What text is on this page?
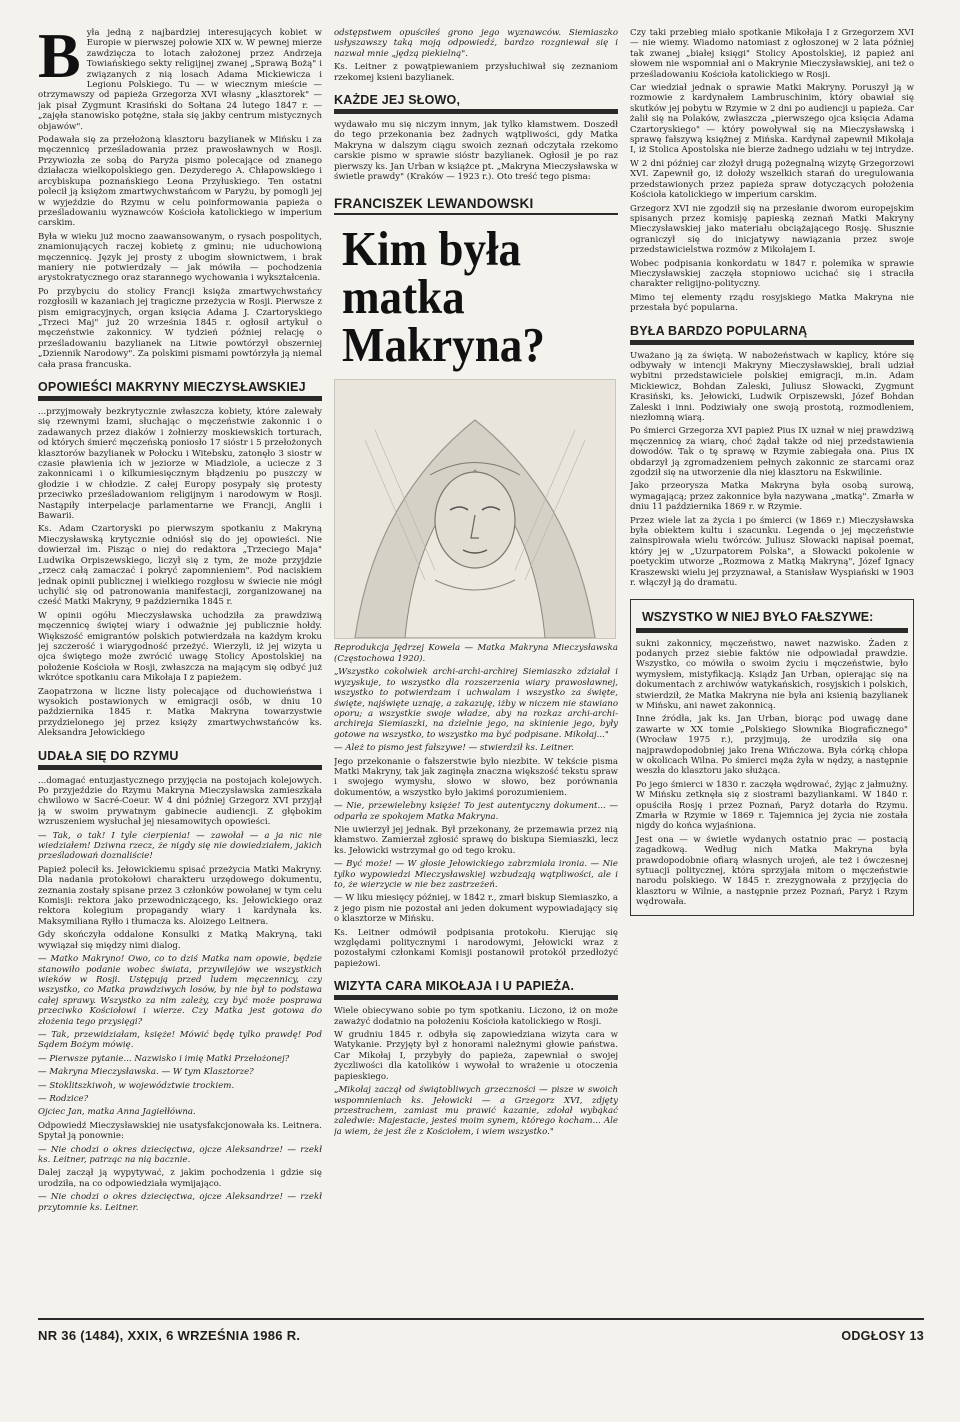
Była jedną z najbardziej interesujących kobiet w Europie w pierwszej połowie XIX w. W pewnej mierze zawdzięcza to lotach założonej przez Andrzeja Towiańskiego sekty religijnej zwanej „Sprawą Bożą" i związanych z nią losach Adama Mickiewicza i Legionu Polskiego. Tu — w wiecznym mieście — otrzymawszy od papieża Grzegorza XVI własny „klasztorek" — jak pisał Zygmunt Krasiński do Sołtana 24 lutego 1847 r. — „zajęła stanowisko potężne, stała się jakby centrum mistycznych objawów".

Podawała się za przełożoną klasztoru bazylianek w Mińsku i za męczennicę prześladowania przez prawosławnych w Rosji. Przywiozła ze sobą do Paryża pismo polecające od znanego działacza wielkopolskiego gen. Dezyderego A. Chłapowskiego i arcybiskupa poznańskiego Leona Przyłuskiego. Ten ostatni polecił ją księżom zmartwychwstańcom w Paryżu, by pomogli jej w wyjeździe do Rzymu w celu poinformowania papieża o prześladowaniu wyznawców Kościoła katolickiego w imperium carskim.

Była w wieku już mocno zaawansowanym, o rysach pospolitych, znamionujących raczej kobietę z gminu; nie uduchowioną męczennicę. Język jej prosty z ubogim słownictwem, i brak maniery nie potwierdzały — jak mówiła — pochodzenia arystokratycznego oraz starannego wychowania i wykształcenia.

Po przybyciu do stolicy Francji księża zmartwychwstańcy rozgłosili w kazaniach jej tragiczne przeżycia w Rosji. Pierwsze z pism emigracyjnych, organ księcia Adama J. Czartoryskiego „Trzeci Maj" już 20 września 1845 r. ogłosił artykuł o męczeństwie zakonnicy. W tydzień później relację o prześladowaniu bazylianek na Litwie powtórzył obszerniej „Dziennik Narodowy". Za polskimi pismami powtórzyła ją niemal cała prasa francuska.

OPOWIEŚCI MAKRYNY MIECZYSŁAWSKIEJ

...przyjmowały bezkrytycznie zwłaszcza kobiety, które zalewały się rzewnymi łzami, słuchając o męczeństwie zakonnic i o zadawanych przez diaków i żołnierzy moskiewskich torturach, od których śmierć męczeńską poniosło 17 sióstr i 5 przełożonych klasztorów bazylianek w Połocku i Witebsku, zatonęło 3 siostr w czasie pławienia ich w jeziorze w Miadziole, a uciecze z 3 zakonnicami i o kilkumiesięcznym błądzeniu po puszczy w głodzie i w chłodzie. Z całej Europy posypały się protesty przeciwko prześladowaniom religijnym i narodowym w Rosji. Nastąpiły interpelacje parlamentarne we Francji, Anglii i Bawarii.

Ks. Adam Czartoryski po pierwszym spotkaniu z Makryną Mieczysławską krytycznie odniósł się do jej opowieści. Nie dowierzał im. Pisząc o niej do redaktora „Trzeciego Maja" Ludwika Orpiszewskiego, liczył się z tym, że może przyjdzie „rzecz całą zamaczać i pokryć zapomnieniem". Pod naciskiem jednak opinii publicznej i wielkiego rozgłosu w świecie nie mógł uchylić się od patronowania manifestacji, zorganizowanej na cześć Matki Makryny, 9 października 1845 r.

W opinii ogółu Mieczysławska uchodziła za prawdziwą męczennicę świętej wiary i odważnie jej publicznie hołdy. Większość emigrantów polskich potwierdzała na każdym kroku jej szczerość i wiarygodność przeżyć. Wierzyli, iż jej wizyta u ojca świętego może zwrócić uwagę Stolicy Apostolskiej na położenie Kościoła w Rosji, zwłaszcza na mającym się odbyć już wkrótce spotkaniu cara Mikołaja I z papieżem.

Zaopatrzona w liczne listy polecające od duchowieństwa i wysokich postawionych w emigracji osób, w dniu 10 października 1845 r. Matka Makryna towarzystwie przydzielonego jej przez księży zmartwychwstańców ks. Aleksandra Jełowickiego

UDAŁA SIĘ DO RZYMU

...domagać entuzjastycznego przyjęcia na postojach kolejowych. Po przyjeździe do Rzymu Makryna Mieczysławska zamieszkała chwilowo w Sacré-Coeur. W 4 dni później Grzegorz XVI przyjął ją w swoim prywatnym gabinecie audiencji. Z głębokim wzruszeniem wysłuchał jej niesamowitych opowieści.

— Tak, o tak! I tyle cierpienia! — zawołał — a ja nic nie wiedziałem! Dziwna rzecz, że nigdy się nie dowiedziałem, jakich prześladowań doznaliście!

Papież polecił ks. Jełowickiemu spisać przeżycia Matki Makryny. Dla nadania protokołowi charakteru urzędowego dokumentu, zeznania zostały spisane przez 3 członków powołanej w tym celu Komisji: rektora jako przewodniczącego, ks. Jełowickiego oraz rektora kolegium propagandy wiary i kardynała ks. Maksymiliana Ryłło i tłumacza ks. Aloizego Leitnera.

Gdy skończyła oddalone Konsulki z Matką Makryną, taki wywiązał się między nimi dialog.

— Matko Makryno! Owo, co to dziś Matka nam opowie, będzie stanowiło podanie wobec świata, przywilejów we wszystkich wieków w Rosji. Ustępują przed ludem męczennicy, czy wszystko, co Matka prawdziwych losów, by nie był to podstawa całej sprawy. Wszystko za nim zależy, czy być może posprawa przeciwko Kościołowi i wierze. Czy Matka jest gotowa do złożenia tego przysięgi?

— Tak, przewidziałam, księże! Mówić będę tylko prawdę! Pod Sądem Bożym mówię.

— Pierwsze pytanie... Nazwisko i imię Matki Przełożonej?

— Makryna Mieczysławska. — W tym Klasztorze?

— Stoklitszkiwoh, w województwie trockiem.

— Rodzice?

Ojciec Jan, matka Anna Jagiełłówna.

Odpowiedź Mieczysławskiej nie usatysfakcjonowała ks. Leitnera. Spytał ją ponownie:

— Nie chodzi o okres dziecięctwa, ojcze Aleksandrze! — rzekł ks. Leitner, patrząc na nią bacznie.

Dalej zaczął ją wypytywać, z jakim pochodzenia i gdzie się urodziła, na co odpowiedziała wymijająco.

— Nie chodzi o okres dziecięctwa, ojcze Aleksandrze! — rzekł przytomnie ks. Leitner.

odstępstwem opuściłeś grono jego wyznawców. Siemiaszko usłyszawszy taką moją odpowiedź, bardzo rozgniewał się i nazwał mnie „jędzą piekielną".

Ks. Leitner z powątpiewaniem przysłuchiwał się zeznaniom rzekomej ksieni bazylianek.

KAŻDE JEJ SŁOWO,

wydawało mu się niczym innym, jak tylko kłamstwem. Doszedł do tego przekonania bez żadnych wątpliwości, gdy Matka Makryna w dalszym ciągu swoich zeznań odczytała rzekomo carskie pismo w sprawie sióstr bazylianek. Ogłosił je po raz pierwszy ks. Jan Urban w książce pt. „Makryna Mieczysławska w świetle prawdy" (Kraków — 1923 r.). Oto treść tego pisma:

FRANCISZEK LEWANDOWSKI
Kim była matka Makryna?

Reprodukcja Jędrzej Kowela — Matka Makryna Mieczysławska (Częstochowa 1920).

„Wszystko cokolwiek archi-archi-archirej Siemiaszko zdziałał i wyzyskuje, to wszystko dla rozszerzenia wiary prawosławnej, wszystko to potwierdzam i uchwalam i wszystko za święte, święte, najświęte uznaję, a zakazuję, iżby w niczem nie stawiano oporu; a wszystkie swoje władze, aby na rozkaz archi-archi-archireja Siemiaszki, na dzielnie jego, na skinienie jego, były gotowe na wszystko, to wszystko ma być podpisane. Mikołaj..."

— Ależ to pismo jest fałszywe! — stwierdził ks. Leitner.

Jego przekonanie o fałszerstwie było niezbite. W tekście pisma Matki Makryny, tak jak zaginęła znaczna większość tekstu spraw i swojego wymysłu, słowo w słowo, bez porównania dokumentów, a wszystko było jakimś porozumieniem.

— Nie, przewielebny księże! To jest autentyczny dokument... — odparła ze spokojem Matka Makryna.

Nie uwierzył jej jednak. Był przekonany, że przemawia przez nią kłamstwo. Zamierzał zgłosić sprawę do biskupa Siemiaszki, lecz ks. Jełowicki wstrzymał go od tego kroku.

— Być może! — W głosie Jełowickiego zabrzmiała ironia. — Nie tylko wypowiedzi Mieczysławskiej wzbudzają wątpliwości, ale i to, że wierzycie w nie bez zastrzeżeń.

— W liku miesięcy później, w 1842 r., zmarł biskup Siemiaszko, a z jego pism nie pozostał ani jeden dokument wypowiadający się o klasztorze w Mińsku.

Ks. Leitner odmówił podpisania protokołu. Kierując się względami politycznymi i narodowymi, Jełowicki wraz z pozostałymi członkami Komisji postanowił protokół przedłożyć papieżowi.

WIZYTA CARA MIKOŁAJA I U PAPIEŻA.

Wiele obiecywano sobie po tym spotkaniu. Liczono, iż on może zaważyć dodatnio na położeniu Kościoła katolickiego w Rosji.

W grudniu 1845 r. odbyła się zapowiedziana wizyta cara w Watykanie. Przyjęty był z honorami należnymi głowie państwa. Car Mikołaj I, przybyły do papieża, zapewniał o swojej życzliwości dla katolików i wywołał to wrażenie u otoczenia papieskiego.

„Mikołaj zaczął od świątobliwych grzeczności — pisze w swoich wspomnieniach ks. Jełowicki — a Grzegorz XVI, zdjęty przestrachem, zamiast mu prawić kazanie, zdołał wybąkać zaledwie: Majestacie, jesteś moim synem, którego kocham... Ale ja wiem, że jest źle z Kościołem, i wiem wszystko."

Czy taki przebieg miało spotkanie Mikołaja I z Grzegorzem XVI — nie wiemy. Wiadomo natomiast z ogłoszonej w 2 lata później tak zwanej „białej księgi" Stolicy Apostolskiej, iż papież ani słowem nie wspomniał ani o Makrynie Mieczysławskiej, ani też o prześladowaniu Kościoła katolickiego w Rosji.

Car wiedział jednak o sprawie Matki Makryny. Poruszył ją w rozmowie z kardynałem Lambruschinim, który obawiał się skutków jej pobytu w Rzymie w 2 dni po audiencji u papieża. Car żalił się na Polaków, zwłaszcza „pierwszego ojca księcia Adama Czartoryskiego" — który powoływał się na Mieczysławską i sprawę fałszywą księżnej z Mińska. Kardynał zapewnił Mikołaja I, iż Stolica Apostolska nie bierze żadnego udziału w tej intrydze.

W 2 dni później car złożył drugą pożegnalną wizytę Grzegorzowi XVI. Zapewnił go, iż dołoży wszelkich starań do uregulowania przedstawionych przez papieża spraw dotyczących położenia Kościoła katolickiego w imperium carskim.

Grzegorz XVI nie zgodził się na przesłanie dworom europejskim spisanych przez komisję papieską zeznań Matki Makryny Mieczysławskiej jako materiału obciążającego Rosję. Słusznie ograniczył się do inicjatywy nawiązania przez swoje przedstawicielstwa rozmów z Mikołajem I.

Wobec podpisania konkordatu w 1847 r. polemika w sprawie Mieczysławskiej zaczęła stopniowo ucichać się i straciła charakter religijno-polityczny.

Mimo tej elementy rządu rosyjskiego Matka Makryna nie przestała być popularna.

BYŁA BARDZO POPULARNĄ

Uważano ją za świętą. W nabożeństwach w kaplicy, które się odbywały w intencji Makryny Mieczysławskiej, brali udział wybitni przedstawiciele polskiej emigracji, m.in. Adam Mickiewicz, Bohdan Zaleski, Juliusz Słowacki, Zygmunt Krasiński, ks. Jełowicki, Ludwik Orpiszewski, Józef Bohdan Zaleski i inni. Podziwiały one swoją prostotą, rozmodleniem, niezłomną wiarą.

Po śmierci Grzegorza XVI papież Pius IX uznał w niej prawdziwą męczennicę za wiarę, choć żądał także od niej przedstawienia dowodów. Tak o tę sprawę w Rzymie zabiegała ona. Pius IX obdarzył ją zgromadzeniem pełnych zakonnic ze starcami oraz zgodził się na utworzenie dla niej klasztoru na Eskwilinie.

Jako przeorysza Matka Makryna była osobą surową, wymagającą; przez zakonnice była nazywana „matką". Zmarła w dniu 11 października 1869 r. w Rzymie.

Przez wiele lat za życia i po śmierci (w 1869 r.) Mieczysławska była obiektem kultu i szacunku. Legenda o jej męczeństwie zainspirowała wielu twórców. Juliusz Słowacki napisał poemat, który jej w „Uzurpatorem Polska", a Słowacki pokolenie w poetyckim utworze „Rozmowa z Matką Makryną", Józef Ignacy Kraszewski wielu jej przyznawał, a Stanisław Wyspiański w 1903 r. włączył ją do dramatu.

WSZYSTKO W NIEJ BYŁO FAŁSZYWE:

sukni zakonnicy, męczeństwo, nawet nazwisko. Żaden z podanych przez siebie faktów nie odpowiadał prawdzie. Wszystko, co mówiła o swoim życiu i męczeństwie, było wymysłem, mistyfikacją. Ksiądz Jan Urban, opierając się na dokumentach z archiwów watykańskich, rosyjskich i polskich, stwierdził, że Matka Makryna nie była ani ksienią bazylianek w Mińsku, ani nawet zakonnicą.

Inne źródła, jak ks. Jan Urban, biorąc pod uwagę dane zawarte w XX tomie „Polskiego Słownika Biograficznego" (Wrocław 1975 r.), przyjmują, że urodziła się ona najprawdopodobniej jako Irena Wińczowa. Była córką chłopa w okolicach Wilna. Po śmierci męża żyła w nędzy, a następnie weszła do klasztoru jako służąca.

Po jego śmierci w 1830 r. zaczęła wędrować, żyjąc z jałmużny. W Mińsku zetknęła się z siostrami bazyliankami. W 1840 r. opuściła Rosję i przez Poznań, Paryż dotarła do Rzymu. Zmarła w Rzymie w 1869 r. Tajemnica jej życia nie została nigdy do końca wyjaśniona.

Jest ona — w świetle wydanych ostatnio prac — postacią zagadkową. Według nich Matka Makryna była prawdopodobnie ofiarą własnych urojeń, ale też i ówczesnej sytuacji politycznej, która sprzyjała mitom o męczeństwie narodu polskiego. W 1845 r. zrezygnowała z przyjęcia do klasztoru w Wilnie, a następnie przez Poznań, Paryż i Rzym wędrowała.

NR 36 (1484), XXIX, 6 WRZEŚNIA 1986 R.	ODGŁOSY 13
